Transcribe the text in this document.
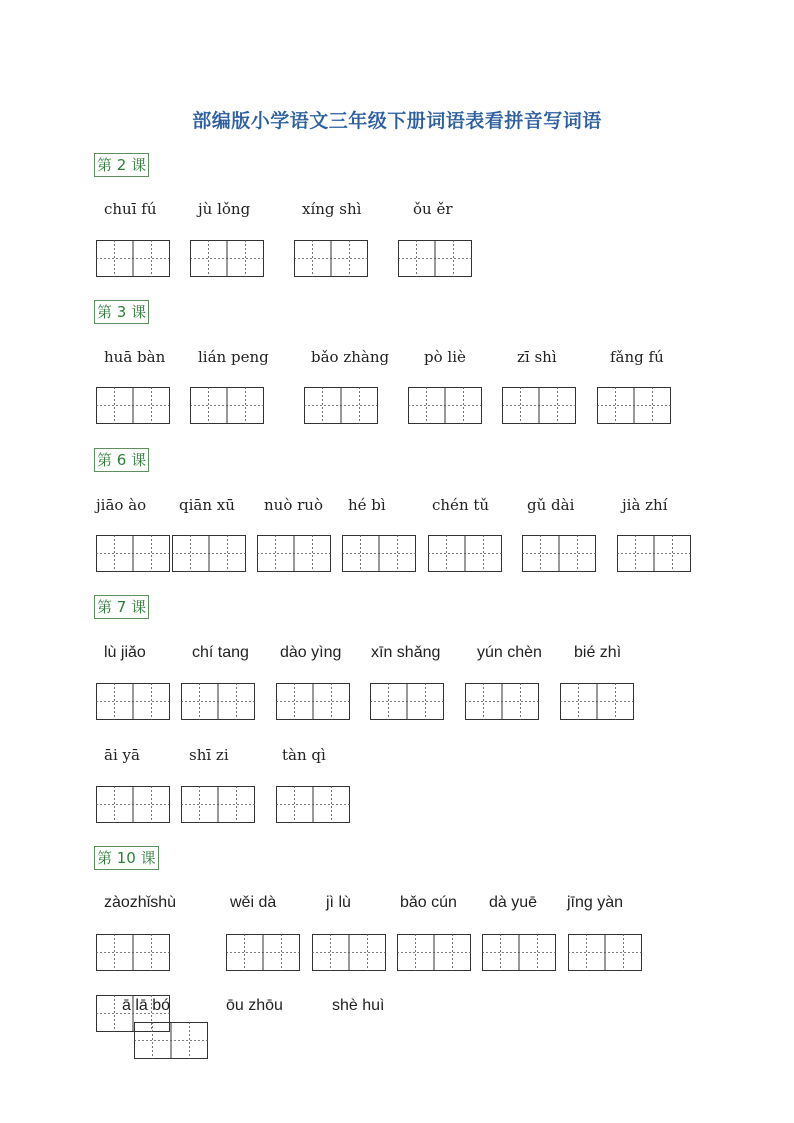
部编版小学语文三年级下册词语表看拼音写词语
第 2 课
chuī fú	jù lǒng	xíng shì	ǒu ěr
第 3 课
huā bàn lián peng	bǎo zhàng pò liè	zī shì	fǎng fú
第 6 课
jiāo ào qiān xū nuò ruò hé bì	chén tǔ	gǔ dài	jià zhí
第 7 课
lù jiǎo	chí tang dào yìng xīn shǎng yún chèn bié zhì
āi yā	shī zi	tàn qì
第 10 课
zàozhǐshù	wěi dà	jì lù	bǎo cún dà yuē jīng yàn
ā lā bó	ōu zhōu	shè huì
